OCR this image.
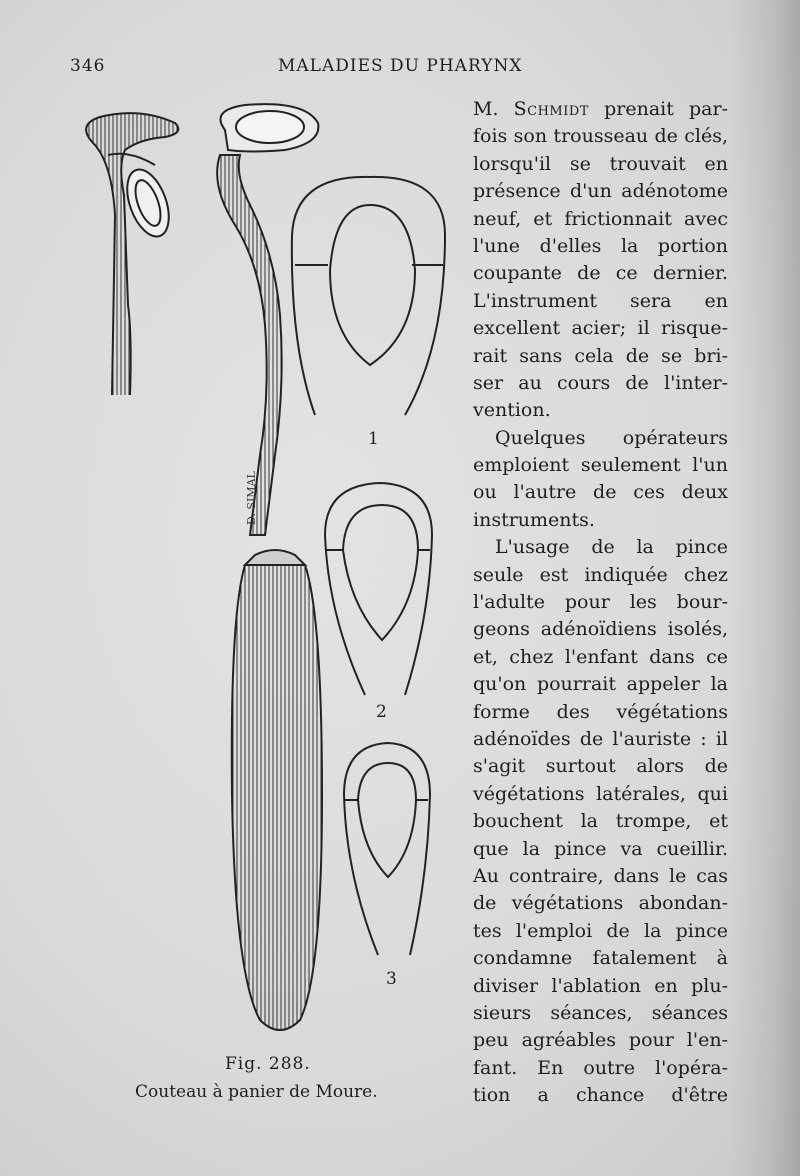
346	MALADIES DU PHARYNX
D. SIMAL
1
2
3
Fig. 288.
Couteau à panier de Moure.
M. Schmidt prenait par-
fois son trousseau de clés,
lorsqu'il se trouvait en
présence d'un adénotome
neuf, et frictionnait avec
l'une d'elles la portion
coupante de ce dernier.
L'instrument sera en
excellent acier; il risque-
rait sans cela de se bri-
ser au cours de l'inter-
vention.
Quelques opérateurs
emploient seulement l'un
ou l'autre de ces deux
instruments.
L'usage de la pince
seule est indiquée chez
l'adulte pour les bour-
geons adénoïdiens isolés,
et, chez l'enfant dans ce
qu'on pourrait appeler la
forme des végétations
adénoïdes de l'auriste : il
s'agit surtout alors de
végétations latérales, qui
bouchent la trompe, et
que la pince va cueillir.
Au contraire, dans le cas
de végétations abondan-
tes l'emploi de la pince
condamne fatalement à
diviser l'ablation en plu-
sieurs séances, séances
peu agréables pour l'en-
fant. En outre l'opéra-
tion a chance d'être
